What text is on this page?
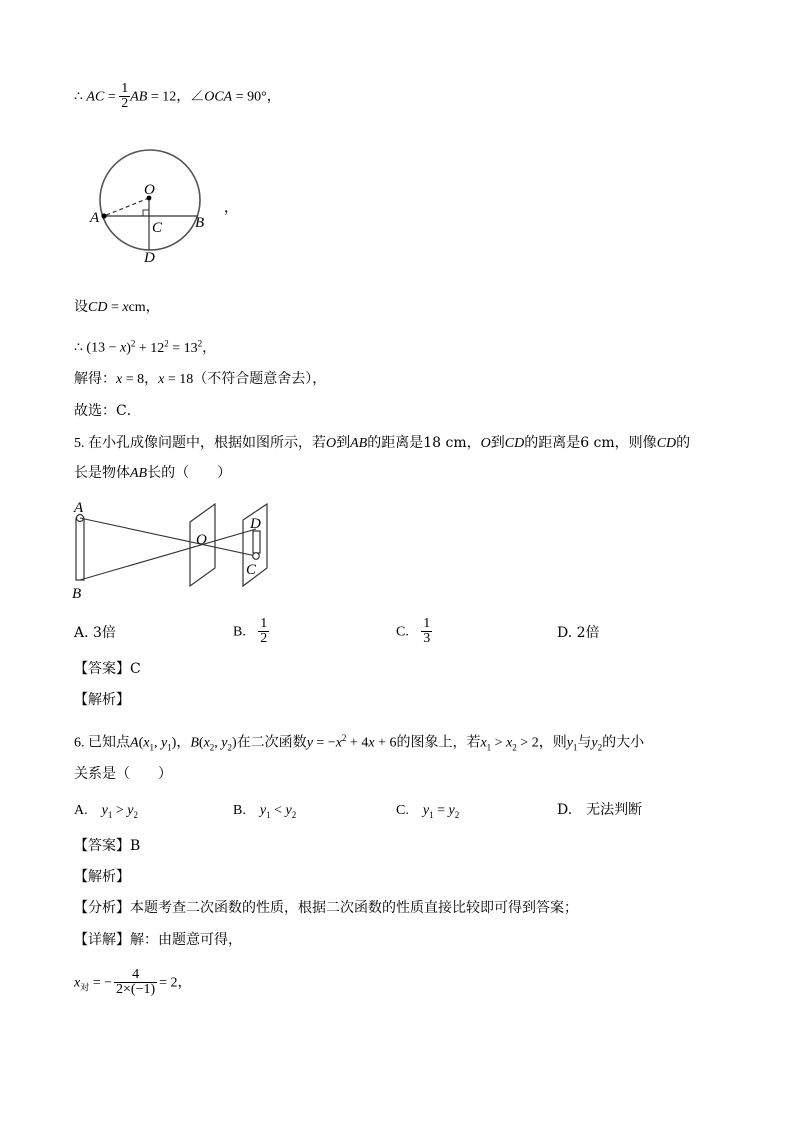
∴ AC = $\frac{1}{2}$ AB = 12，∠OCA = 90°，
O
A	B
C
D
，
设CD = xcm，
∴ $(13 - x)^2 + 12^2 = 13^2$，
解得：x = 8，x = 18（不符合题意舍去），
故选：C．
5. 在小孔成像问题中，根据如图所示，若O到AB的距离是18 cm，O到CD的距离是6 cm，则像CD的
长是物体AB长的（　　）
A
B
O
D
C
A. 3倍	B. $\frac{1}{2}$	C. $\frac{1}{3}$	D. 2倍
【答案】C
【解析】
6. 已知点$A(x_1$, $y_1$)，$B(x_2$, $y_2$)在二次函数$y = -x^2 + 4x + 6$的图象上，若$x_1 > x_2 > 2$，则$y_1$与$y_2$的大小
关系是（　　）
A.　$y_1 > y_2$	B.　$y_1 < y_2$	C.　$y_1 = y_2$	D.　无法判断
【答案】B
【解析】
【分析】本题考查二次函数的性质，根据二次函数的性质直接比较即可得到答案；
【详解】解：由题意可得，
$x_对$ = − $\frac{4}{2\times(-1)} = 2$，
